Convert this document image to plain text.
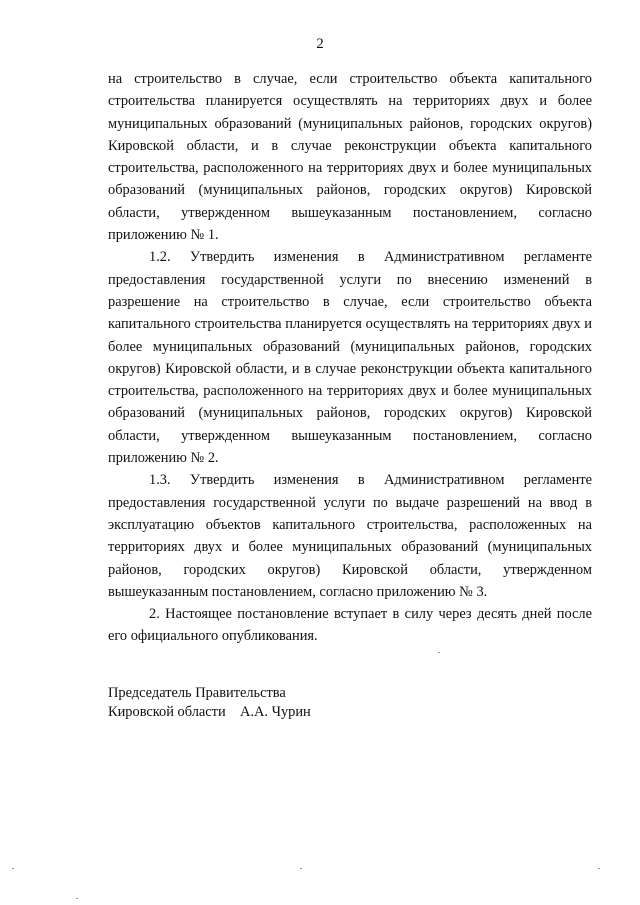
2

на строительство в случае, если строительство объекта капитального строительства планируется осуществлять на территориях двух и более муниципальных образований (муниципальных районов, городских округов) Кировской области, и в случае реконструкции объекта капитального строительства, расположенного на территориях двух и более муниципальных образований (муниципальных районов, городских округов) Кировской области, утвержденном вышеуказанным постановлением, согласно приложению № 1.

1.2. Утвердить изменения в Административном регламенте предоставления государственной услуги по внесению изменений в разрешение на строительство в случае, если строительство объекта капитального строительства планируется осуществлять на территориях двух и более муниципальных образований (муниципальных районов, городских округов) Кировской области, и в случае реконструкции объекта капитального строительства, расположенного на территориях двух и более муниципальных образований (муниципальных районов, городских округов) Кировской области, утвержденном вышеуказанным постановлением, согласно приложению № 2.

1.3. Утвердить изменения в Административном регламенте предоставления государственной услуги по выдаче разрешений на ввод в эксплуатацию объектов капитального строительства, расположенных на территориях двух и более муниципальных образований (муниципальных районов, городских округов) Кировской области, утвержденном вышеуказанным постановлением, согласно приложению № 3.

2. Настоящее постановление вступает в силу через десять дней после его официального опубликования.

Председатель Правительства
Кировской области    А.А. Чурин
